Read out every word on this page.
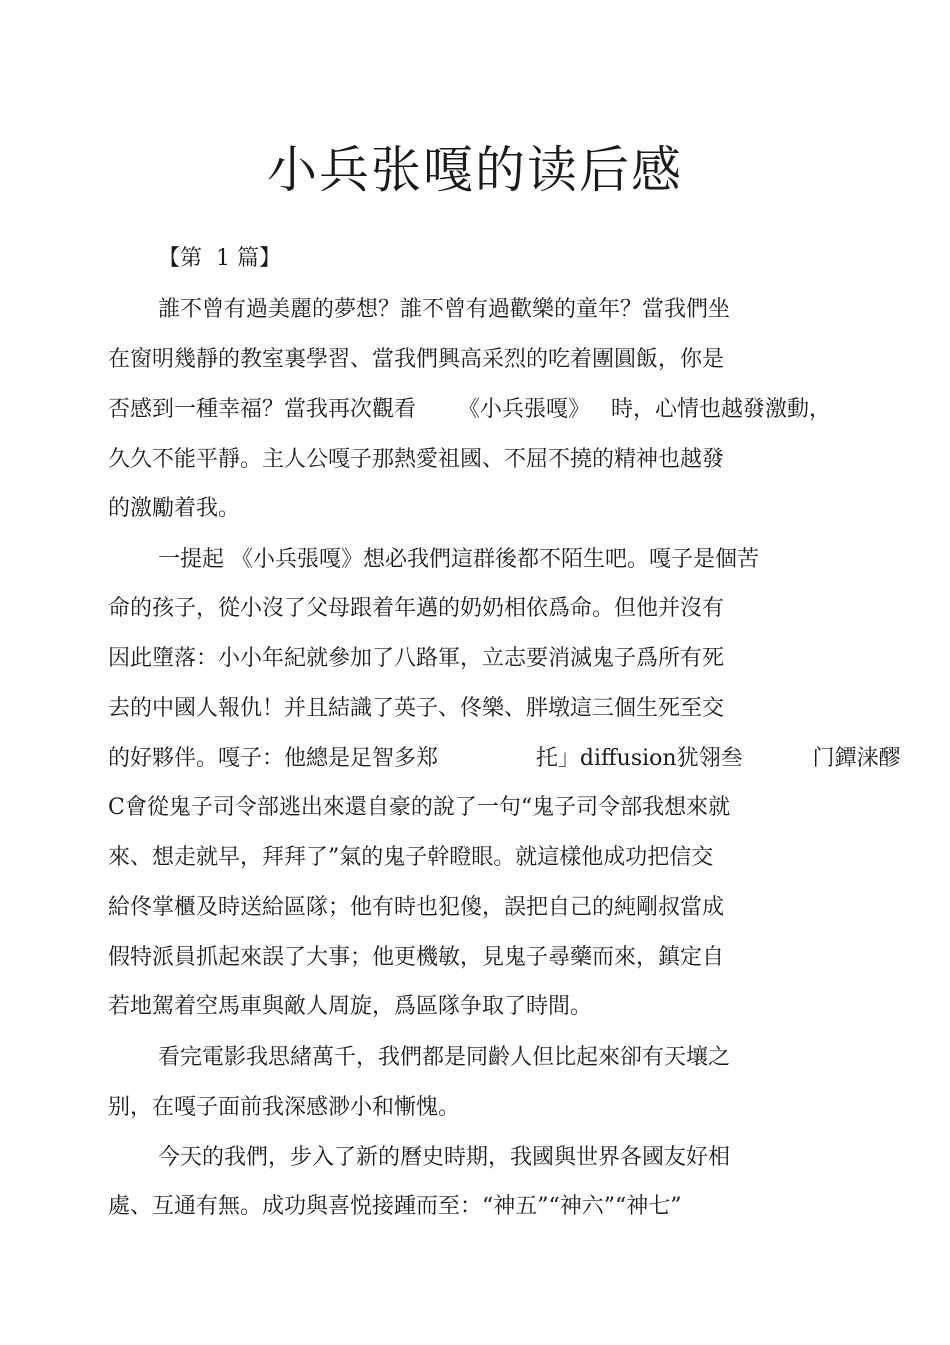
小兵张嘎的读后感
【第  1 篇】
誰不曾有過美麗的夢想？誰不曾有過歡樂的童年？當我們坐
在窗明幾靜的教室裏學習、當我們興高采烈的吃着團圓飯，你是
否感到一種幸福？當我再次觀看      《小兵張嘎》   時，心情也越發激動，
久久不能平靜。主人公嘎子那熱愛祖國、不屈不撓的精神也越發
的激勵着我。
一提起 《小兵張嘎》想必我們這群後都不陌生吧。嘎子是個苦
命的孩子，從小沒了父母跟着年邁的奶奶相依爲命。但他并沒有
因此墮落：小小年紀就參加了八路軍，立志要消滅鬼子爲所有死
去的中國人報仇！并且結識了英子、佟樂、胖墩這三個生死至交
的好夥伴。嘎子：他總是足智多郑              托」diffusion犹翎叁          门鐔涞醪
C會從鬼子司令部逃出來還自豪的說了一句“鬼子司令部我想來就
來、想走就早，拜拜了”氣的鬼子幹瞪眼。就這樣他成功把信交
給佟掌櫃及時送給區隊；他有時也犯傻，誤把自己的純剛叔當成
假特派員抓起來誤了大事；他更機敏，見鬼子尋藥而來，鎮定自
若地駕着空馬車與敵人周旋，爲區隊争取了時間。
看完電影我思緒萬千，我們都是同齡人但比起來卻有天壤之
别，在嘎子面前我深感渺小和慚愧。
今天的我們，步入了新的曆史時期，我國與世界各國友好相
處、互通有無。成功與喜悦接踵而至：“神五”“神六”“神七”
